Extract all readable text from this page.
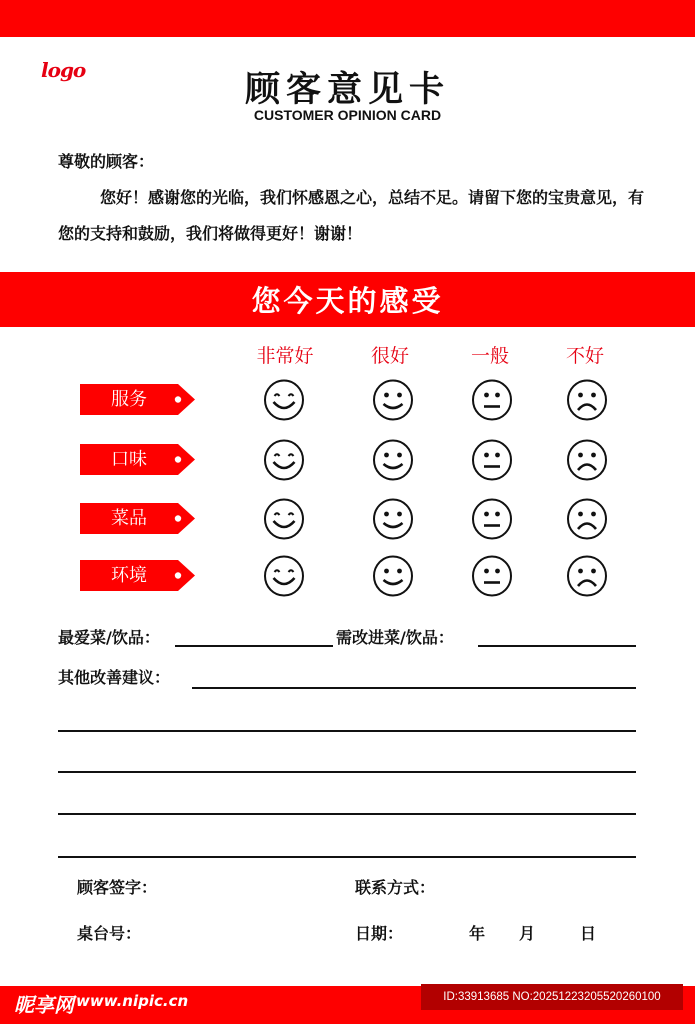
logo	顾客意见卡
CUSTOMER OPINION CARD
尊敬的顾客：
您好！感谢您的光临，我们怀感恩之心，总结不足。请留下您的宝贵意见，有您的支持和鼓励，我们将做得更好！谢谢！
您今天的感受
非常好	很好	一般	不好
服务
口味
菜品
环境
最爱菜/饮品：	需改进菜/饮品：
其他改善建议：
顾客签字：	联系方式：
桌台号：	日期：	年 月	日
昵享网 www.nipic.cn	ID:33913685 NO:20251223205520260100
